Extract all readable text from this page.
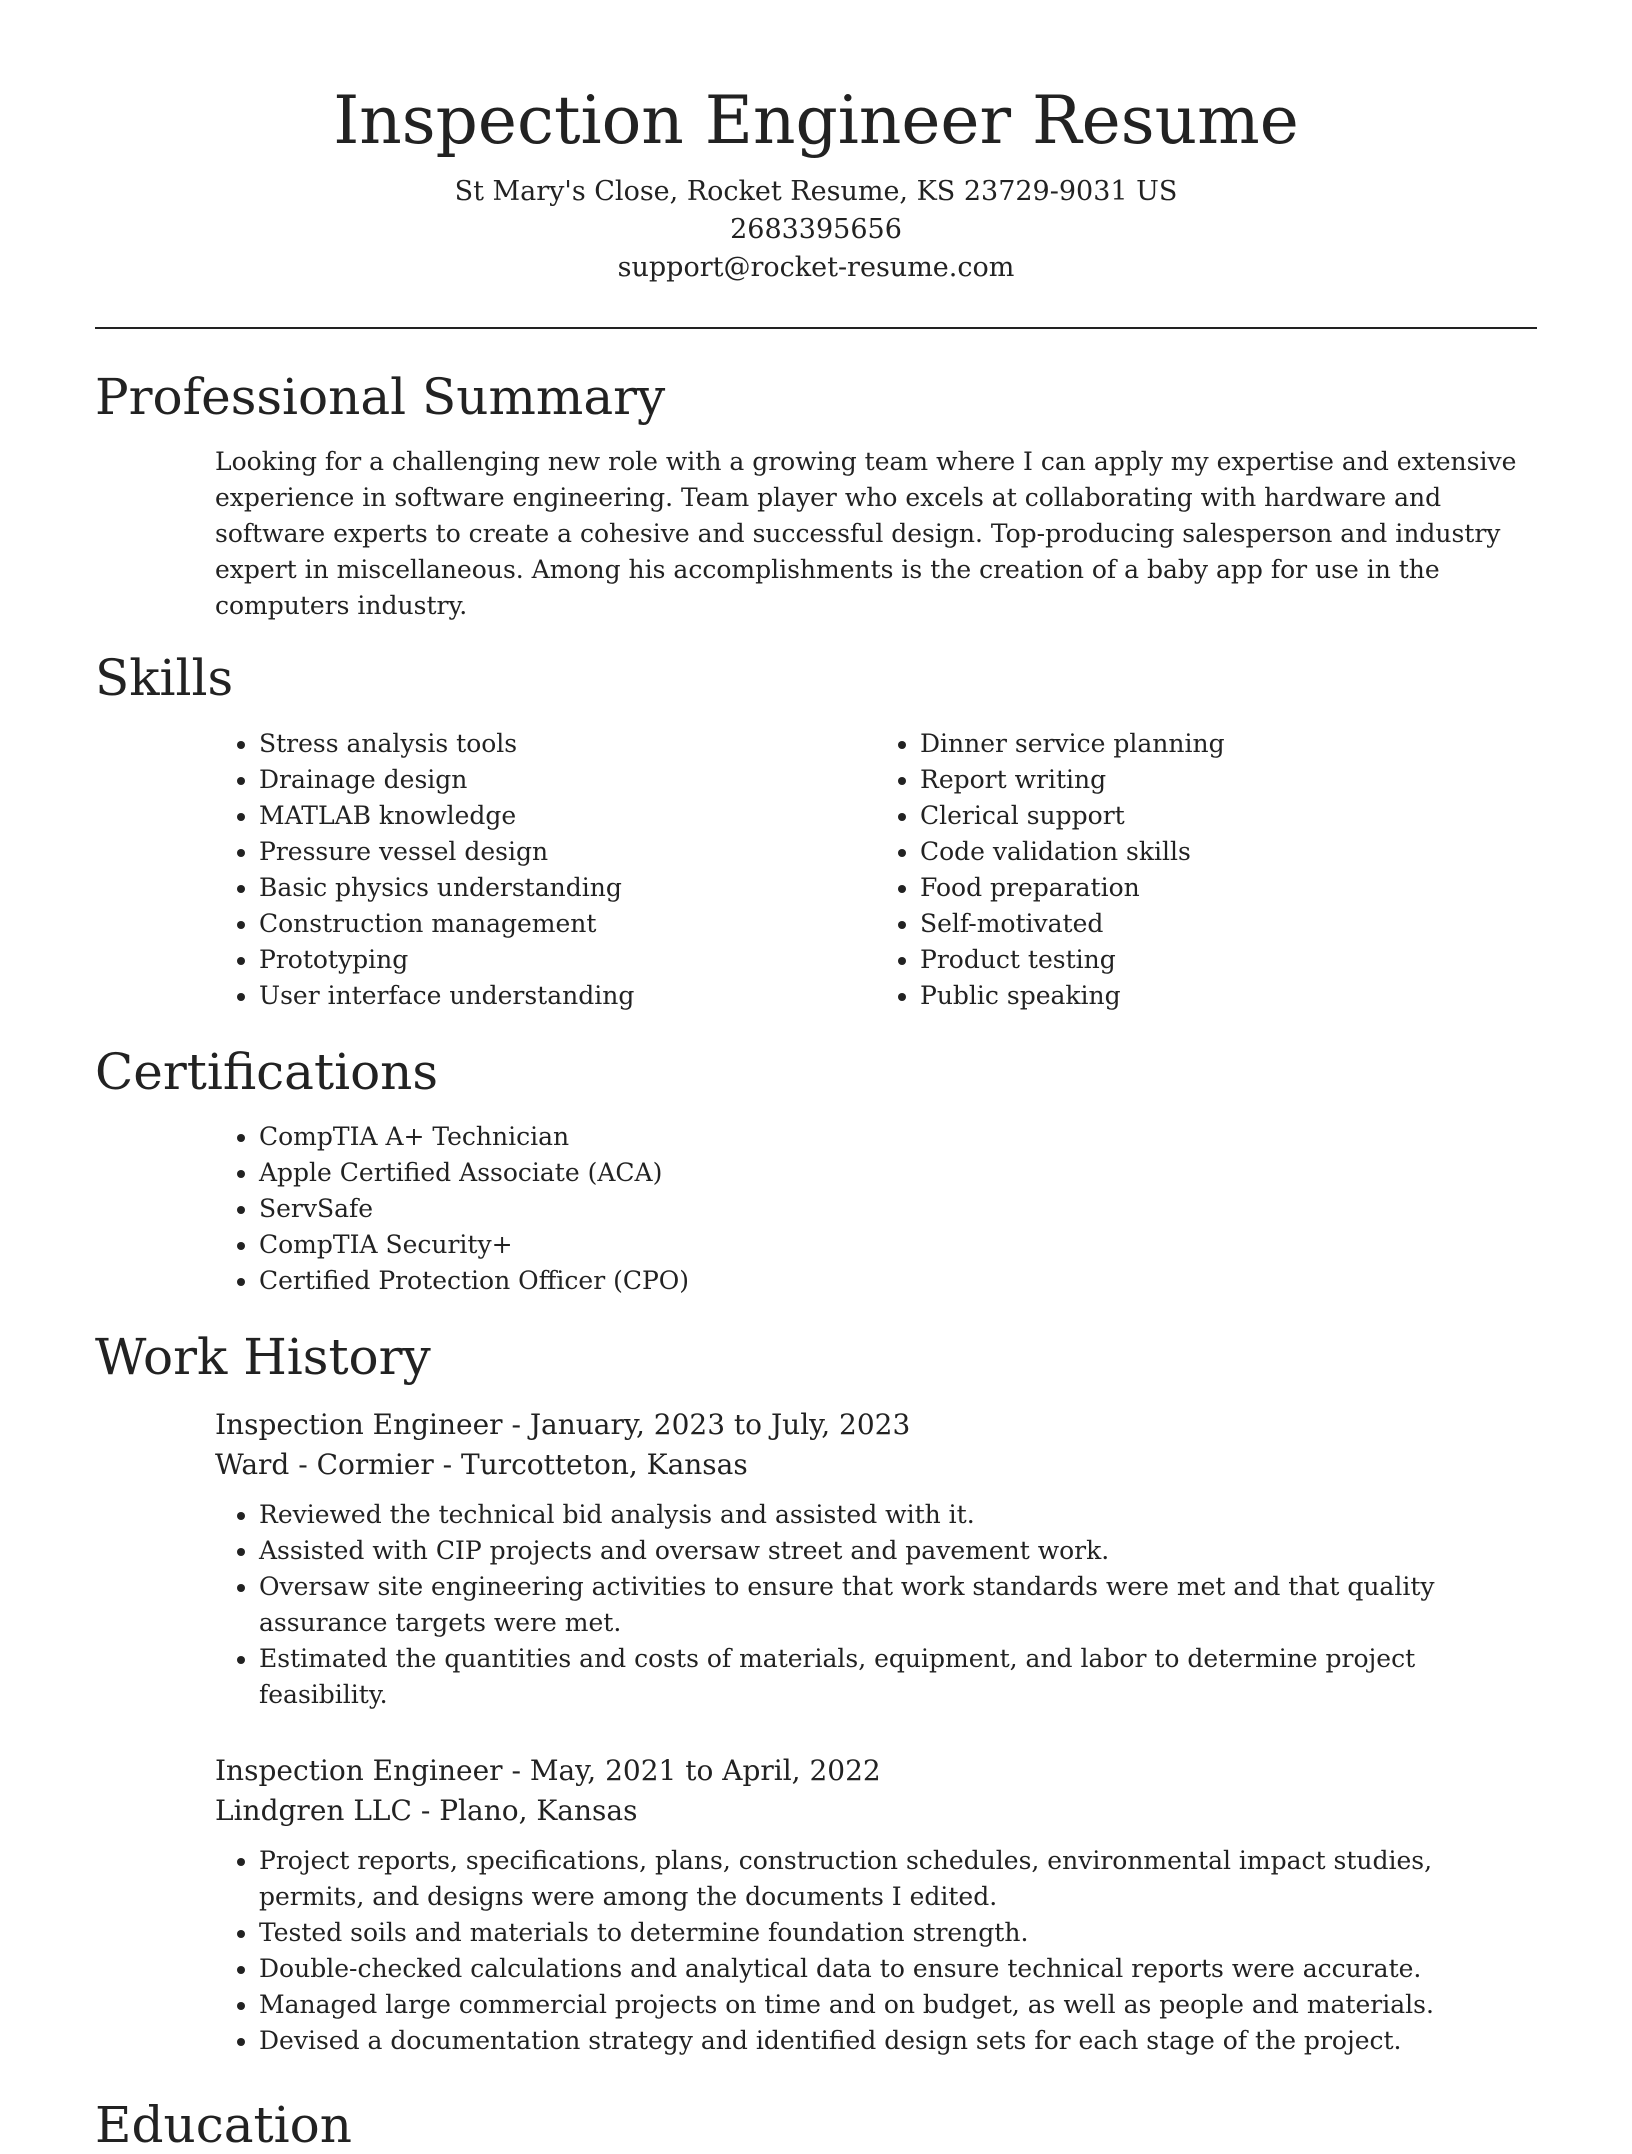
Inspection Engineer Resume
St Mary's Close, Rocket Resume, KS 23729-9031 US
2683395656
support@rocket-resume.com
Professional Summary

Looking for a challenging new role with a growing team where I can apply my expertise and extensive experience in software engineering. Team player who excels at collaborating with hardware and software experts to create a cohesive and successful design. Top-producing salesperson and industry expert in miscellaneous. Among his accomplishments is the creation of a baby app for use in the computers industry.

Skills
• Stress analysis tools
• Drainage design
• MATLAB knowledge
• Pressure vessel design
• Basic physics understanding
• Construction management
• Prototyping
• User interface understanding
• Dinner service planning
• Report writing
• Clerical support
• Code validation skills
• Food preparation
• Self-motivated
• Product testing
• Public speaking
Certifications
• CompTIA A+ Technician
• Apple Certified Associate (ACA)
• ServSafe
• CompTIA Security+
• Certified Protection Officer (CPO)
Work History
Inspection Engineer - January, 2023 to July, 2023
Ward - Cormier - Turcotteton, Kansas
• Reviewed the technical bid analysis and assisted with it.
• Assisted with CIP projects and oversaw street and pavement work.
• Oversaw site engineering activities to ensure that work standards were met and that quality assurance targets were met.
• Estimated the quantities and costs of materials, equipment, and labor to determine project feasibility.
Inspection Engineer - May, 2021 to April, 2022
Lindgren LLC - Plano, Kansas
• Project reports, specifications, plans, construction schedules, environmental impact studies, permits, and designs were among the documents I edited.
• Tested soils and materials to determine foundation strength.
• Double-checked calculations and analytical data to ensure technical reports were accurate.
• Managed large commercial projects on time and on budget, as well as people and materials.
• Devised a documentation strategy and identified design sets for each stage of the project.
Education
